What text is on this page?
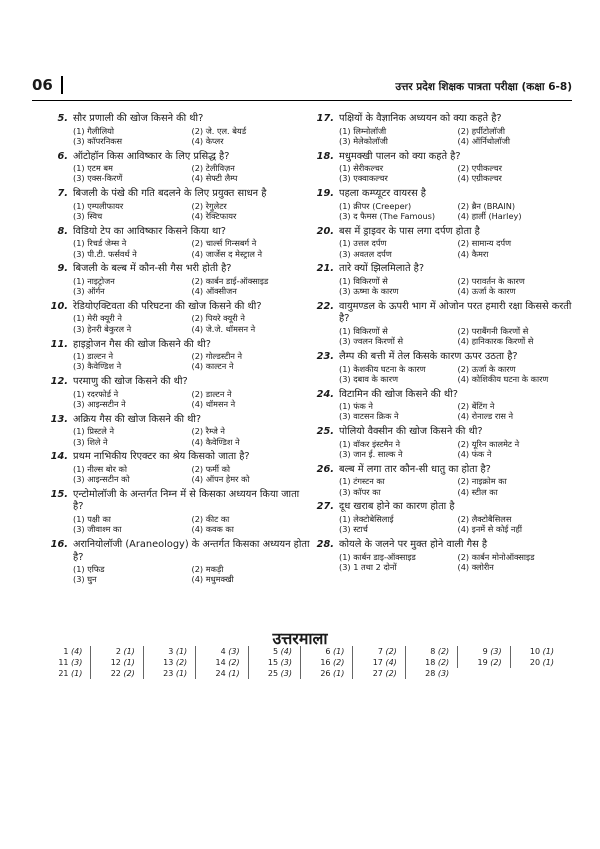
06	उत्तर प्रदेश शिक्षक पात्रता परीक्षा (कक्षा 6-8)
5. सौर प्रणाली की खोज किसने की थी?
(1) गैलीलियो	(2) जे. एल. बेयर्ड
(3) कॉपरनिकस	(4) केप्लर
6. ऑटोहॉन किस आविष्कार के लिए प्रसिद्ध है?
(1) एटम बम	(2) टेलीविज़न
(3) एक्स-किरणें	(4) सेफ्टी लैम्प
7. बिजली के पंखे की गति बदलने के लिए प्रयुक्त साधन है
(1) एम्पलीफायर	(2) रेगुलेटर
(3) स्विच	(4) रेक्टिफायर
8. विडियो टेप का आविष्कार किसने किया था?
(1) रिचर्ड जेम्स ने	(2) चार्ल्स गिन्सबर्ग ने
(3) पी.टी. फर्सवर्थ ने	(4) जार्जेस द मेस्ट्राल ने
9. बिजली के बल्ब में कौन-सी गैस भरी होती है?
(1) नाइट्रोजन	(2) कार्बन डाई-ऑक्साइड
(3) ऑर्गन	(4) ऑक्सीजन
10. रेडियोएक्टिवता की परिघटना की खोज किसने की थी?
(1) मेरी क्यूरी ने	(2) पियरे क्यूरी ने
(3) हेनरी बेकुरल ने	(4) जे.जे. थॉमसन ने
11. हाइड्रोजन गैस की खोज किसने की थी?
(1) डाल्टन ने	(2) गोल्डस्टीन ने
(3) कैवेण्डिश ने	(4) काल्टन ने
12. परमाणु की खोज किसने की थी?
(1) रदरफोर्ड ने	(2) डाल्टन ने
(3) आइन्सटीन ने	(4) थॉमसन ने
13. अक्रिय गैस की खोज किसने की थी?
(1) प्रिस्टले ने	(2) रैम्जे ने
(3) शिले ने	(4) कैवेण्डिश ने
14. प्रथम नाभिकीय रिएक्टर का श्रेय किसको जाता है?
(1) नील्स बोर को	(2) फर्मी को
(3) आइन्सटीन को	(4) ऑपन हेमर को
15. एन्टोमोलॉजी के अन्तर्गत निम्न में से किसका अध्ययन किया जाता है?
(1) पक्षी का	(2) कीट का
(3) जीवाश्म का	(4) कवक का
16. अरानियोलॉजी (Araneology) के अन्तर्गत किसका अध्ययन होता है?
(1) एफिड	(2) मकड़ी
(3) घुन	(4) मधुमक्खी
17. पक्षियों के वैज्ञानिक अध्ययन को क्या कहते है?
(1) लिम्नोलॉजी	(2) हर्पीटोलॉजी
(3) मेलेकोलॉजी	(4) ऑर्निथोलॉजी
18. मधुमक्खी पालन को क्या कहते है?
(1) सेरीकल्चर	(2) एपीकल्चर
(3) एक्वाकल्चर	(4) एग्रीकल्चर
19. पहला कम्प्यूटर वायरस है
(1) क्रीपर (Creeper)	(2) ब्रैन (BRAIN)
(3) द फैमस (The Famous)	(4) हार्ली (Harley)
20. बस में ड्राइवर के पास लगा दर्पण होता है
(1) उत्तल दर्पण	(2) सामान्य दर्पण
(3) अवतल दर्पण	(4) कैमरा
21. तारे क्यों झिलमिलाते है?
(1) विकिरणों से	(2) परावर्तन के कारण
(3) ऊष्मा के कारण	(4) ऊर्जा के कारण
22. वायुमण्डल के ऊपरी भाग में ओजोन परत हमारी रक्षा किससे करती है?
(1) विकिरणों से	(2) पराबैंगनी किरणों से
(3) ज्वलन किरणों से	(4) हानिकारक किरणों से
23. लैम्प की बत्ती में तेल किसके कारण ऊपर उठता है?
(1) केशकीय घटना के कारण	(2) ऊर्जा के कारण
(3) दबाव के कारण	(4) कोशिकीय घटना के कारण
24. विटामिन की खोज किसने की थी?
(1) फंक ने	(2) बेंटिंग ने
(3) वाटसन क्रिक ने	(4) रोनाल्ड रास ने
25. पोलियो वैक्सीन की खोज किसने की थी?
(1) वॉकर इंस्टमैन ने	(2) यूरिन कालमेट ने
(3) जान ई. साल्क ने	(4) फंक ने
26. बल्ब में लगा तार कौन-सी धातु का होता है?
(1) टंगस्टन का	(2) नाइक्रोम का
(3) कॉपर का	(4) स्टील का
27. दूध खराब होने का कारण होता है
(1) लेक्टोबेसिलाई	(2) लैक्टोबैसिलस
(3) स्टार्च	(4) इनमें से कोई नहीं
28. कोयले के जलने पर मुक्त होने वाली गैस है
(1) कार्बन डाइ-ऑक्साइड	(2) कार्बन मोनोऑक्साइड
(3) 1 तथा 2 दोनों	(4) क्लोरीन
उत्तरमाला
1 (4)	2 (1)	3 (1)	4 (3)	5 (4)	6 (1)	7 (2)	8 (2)	9 (3)	10 (1)
11 (3)	12 (1)	13 (2)	14 (2)	15 (3)	16 (2)	17 (4)	18 (2)	19 (2)	20 (1)
21 (1)	22 (2)	23 (1)	24 (1)	25 (3)	26 (1)	27 (2)	28 (3)
